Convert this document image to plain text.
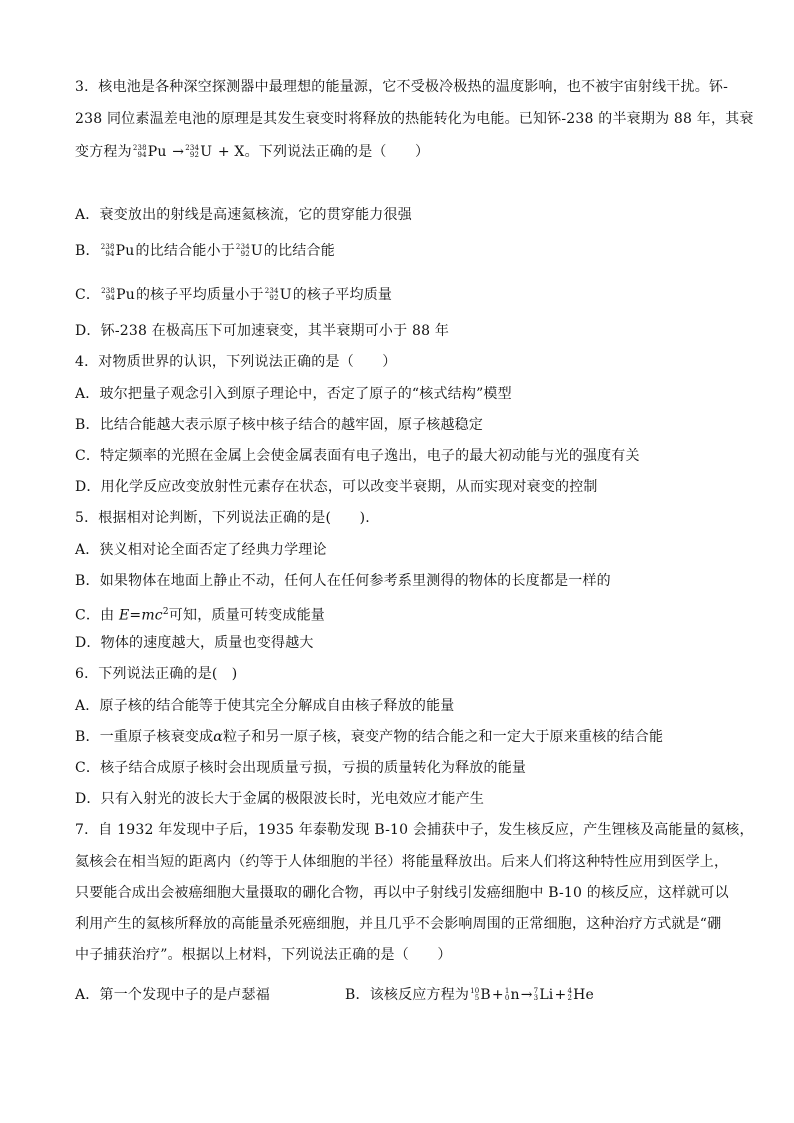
3．核电池是各种深空探测器中最理想的能量源，它不受极冷极热的温度影响，也不被宇宙射线干扰。钚-
238 同位素温差电池的原理是其发生衰变时将释放的热能转化为电能。已知钚-238 的半衰期为 88 年，其衰
变方程为 238
94 Pu → 234
92 U + X。下列说法正确的是（　　）
A．衰变放出的射线是高速氦核流，它的贯穿能力很强
B． 238
94 Pu的比结合能小于 234
92 U的比结合能
C． 238
94 Pu的核子平均质量小于 234
92 U的核子平均质量
D．钚-238 在极高压下可加速衰变，其半衰期可小于 88 年
4．对物质世界的认识，下列说法正确的是（　　）
A．玻尔把量子观念引入到原子理论中，否定了原子的“核式结构”模型
B．比结合能越大表示原子核中核子结合的越牢固，原子核越稳定
C．特定频率的光照在金属上会使金属表面有电子逸出，电子的最大初动能与光的强度有关
D．用化学反应改变放射性元素存在状态，可以改变半衰期，从而实现对衰变的控制
5．根据相对论判断，下列说法正确的是(　　).
A．狭义相对论全面否定了经典力学理论
B．如果物体在地面上静止不动，任何人在任何参考系里测得的物体的长度都是一样的
C．由 $E=mc^2$可知，质量可转变成能量
D．物体的速度越大，质量也变得越大
6．下列说法正确的是(　)
A．原子核的结合能等于使其完全分解成自由核子释放的能量
B．一重原子核衰变成α粒子和另一原子核，衰变产物的结合能之和一定大于原来重核的结合能
C．核子结合成原子核时会出现质量亏损，亏损的质量转化为释放的能量
D．只有入射光的波长大于金属的极限波长时，光电效应才能产生
7．自 1932 年发现中子后，1935 年泰勒发现 B-10 会捕获中子，发生核反应，产生锂核及高能量的氦核，
氦核会在相当短的距离内（约等于人体细胞的半径）将能量释放出。后来人们将这种特性应用到医学上，
只要能合成出会被癌细胞大量摄取的硼化合物，再以中子射线引发癌细胞中 B-10 的核反应，这样就可以
利用产生的氦核所释放的高能量杀死癌细胞，并且几乎不会影响周围的正常细胞，这种治疗方式就是“硼
中子捕获治疗”。根据以上材料，下列说法正确的是（　　）
A．第一个发现中子的是卢瑟福	B．该核反应方程为 10
5 B+ 1
0 n→ 7
3 Li+ 4
2 He
